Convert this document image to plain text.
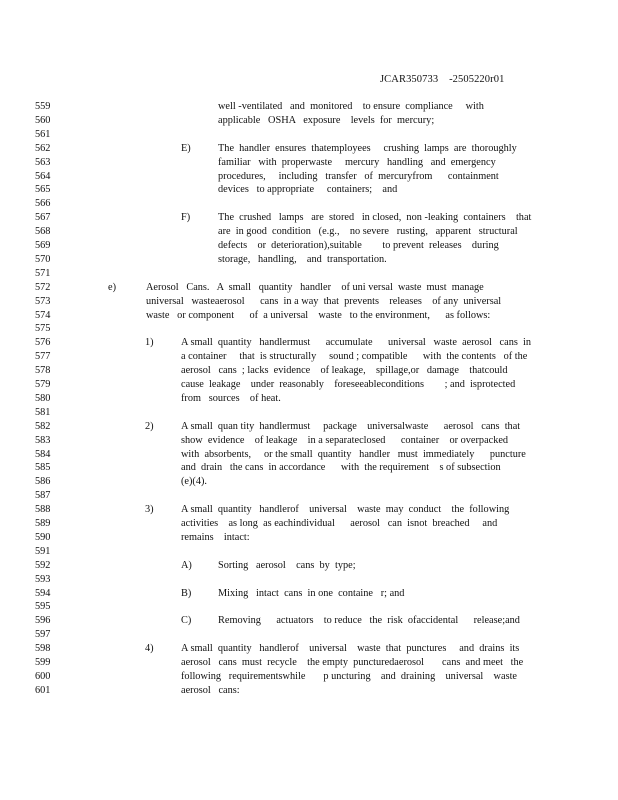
JCAR350733    -2505220r01
559	well -ventilated   and  monitored    to ensure  compliance     with
560	applicable   OSHA   exposure    levels  for  mercury;
561
562	E)	The  handler  ensures  thatemployees     crushing  lamps  are  thoroughly
563	familiar   with  properwaste     mercury   handling   and  emergency
564	procedures,     including   transfer   of  mercuryfrom      containment
565	devices   to appropriate     containers;    and
566
567	F)	The  crushed   lamps   are  stored   in closed,  non -leaking  containers    that
568	are  in good  condition   (e.g.,    no severe   rusting,   apparent   structural
569	defects    or  deterioration),suitable        to prevent  releases    during
570	storage,   handling,    and  transportation.
571
572	e)	Aerosol   Cans.   A  small   quantity   handler    of uni versal  waste  must  manage
573	universal   wasteaerosol      cans  in a way  that  prevents    releases    of any  universal
574	waste   or component      of  a universal    waste   to the environment,      as follows:
575
576	1)	A small  quantity   handlermust      accumulate      universal   waste  aerosol   cans  in
577	a container     that  is structurally     sound ; compatible      with  the contents   of the
578	aerosol   cans  ; lacks  evidence    of leakage,    spillage,or   damage    thatcould
579	cause  leakage    under  reasonably    foreseeableconditions        ; and  isprotected
580	from   sources    of heat.
581
582	2)	A small  quan tity  handlermust     package    universalwaste      aerosol   cans  that
583	show  evidence    of leakage    in a separateclosed      container    or overpacked
584	with  absorbents,     or the small  quantity   handler   must  immediately      puncture
585	and  drain   the cans  in accordance      with  the requirement    s of subsection
586	(e)(4).
587
588	3)	A small  quantity   handlerof    universal    waste  may  conduct    the  following
589	activities    as long  as eachindividual      aerosol   can  isnot  breached     and
590	remains    intact:
591
592	A)	Sorting   aerosol    cans  by  type;
593
594	B)	Mixing   intact  cans  in one  containe   r; and
595
596	C)	Removing      actuators    to reduce   the  risk  ofaccidental      release;and
597
598	4)	A small  quantity   handlerof    universal    waste  that  punctures     and  drains  its
599	aerosol   cans  must  recycle    the empty  puncturedaerosol       cans  and meet   the
600	following   requirementswhile       p uncturing    and  draining    universal    waste
601	aerosol   cans:
